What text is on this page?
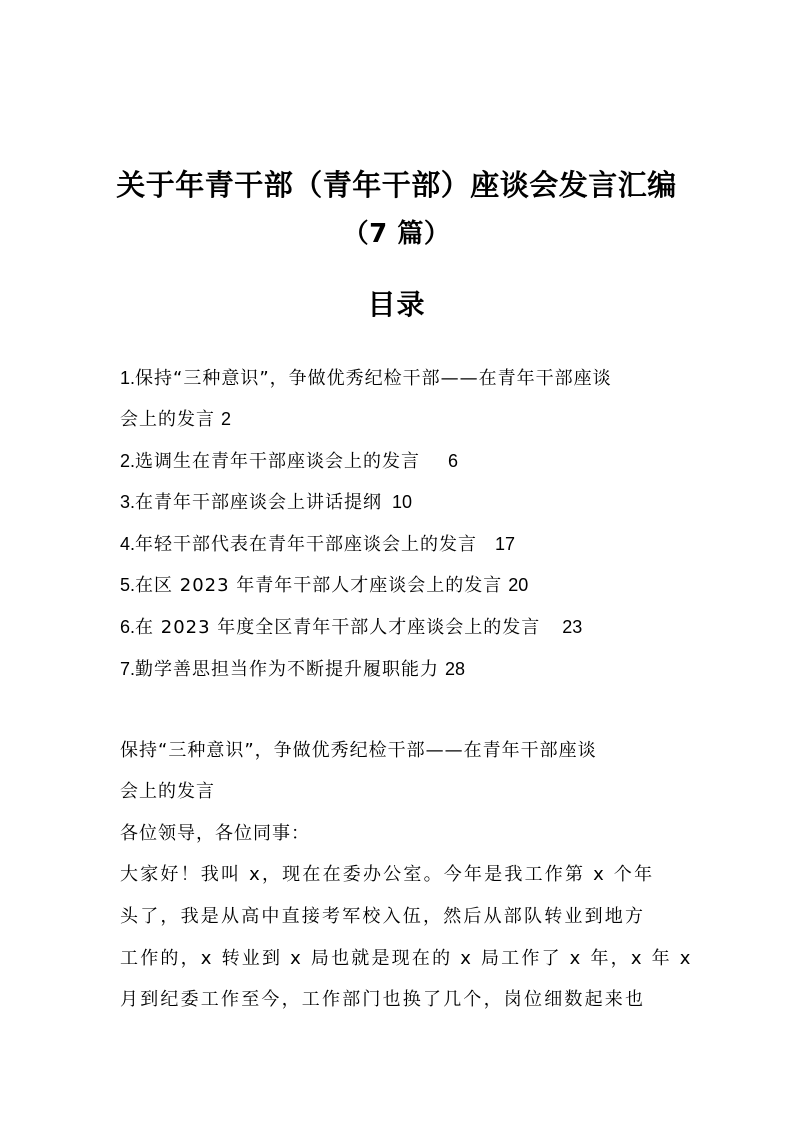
关于年青干部（青年干部）座谈会发言汇编
（7 篇）
目录
1.保持“三种意识”，争做优秀纪检干部——在青年干部座谈
会上的发言 2
2.选调生在青年干部座谈会上的发言 6
3.在青年干部座谈会上讲话提纲 10
4.年轻干部代表在青年干部座谈会上的发言 17
5.在区 2023 年青年干部人才座谈会上的发言 20
6.在 2023 年度全区青年干部人才座谈会上的发言 23
7.勤学善思担当作为不断提升履职能力 28
保持“三种意识”，争做优秀纪检干部——在青年干部座谈
会上的发言
各位领导，各位同事：
大家好！我叫 x，现在在委办公室。今年是我工作第 x 个年
头了，我是从高中直接考军校入伍，然后从部队转业到地方
工作的，x 转业到 x 局也就是现在的 x 局工作了 x 年，x 年 x
月到纪委工作至今，工作部门也换了几个，岗位细数起来也
